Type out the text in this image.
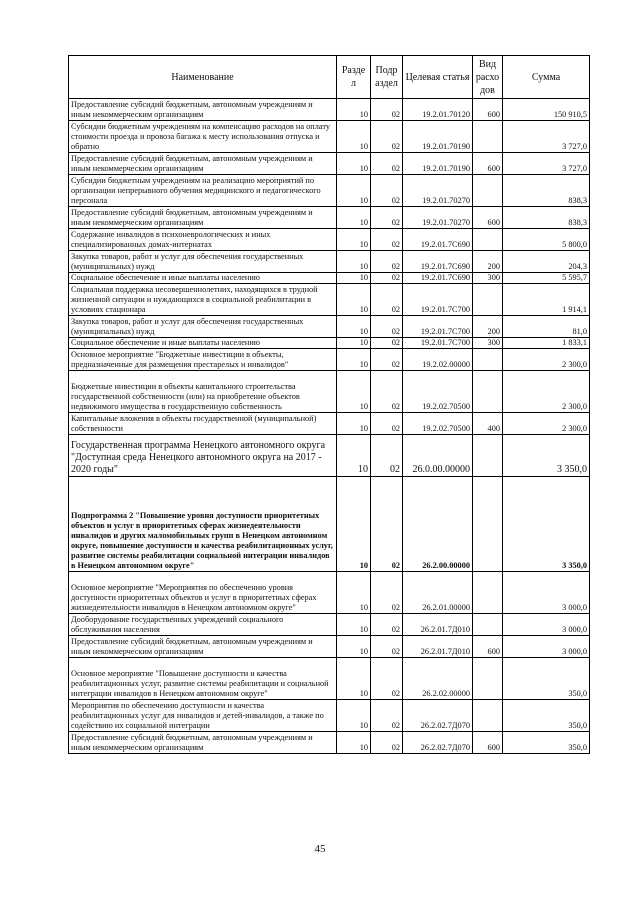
Наименование	Разде л	Подр аздел	Целевая статья	Вид расхо дов	Сумма
Предоставление субсидий бюджетным, автономным учреждениям и иным некоммерческим организациям	10	02	19.2.01.70120	600	150 910,5
Субсидии бюджетным учреждениям на компенсацию расходов на оплату стоимости проезда и провоза багажа к месту использования отпуска и обратно	10	02	19.2.01.70190		3 727,0
Предоставление субсидий бюджетным, автономным учреждениям и иным некоммерческим организациям	10	02	19.2.01.70190	600	3 727,0
Субсидии бюджетным учреждениям на реализацию мероприятий по организации непрерывного обучения медицинского и педагогического персонала	10	02	19.2.01.70270		838,3
Предоставление субсидий бюджетным, автономным учреждениям и иным некоммерческим организациям	10	02	19.2.01.70270	600	838,3
Содержание инвалидов в психоневрологических и иных специализированных домах-интернатах	10	02	19.2.01.7С690		5 800,0
Закупка товаров, работ и услуг для обеспечения государственных (муниципальных) нужд	10	02	19.2.01.7С690	200	204,3
Социальное обеспечение и иные выплаты населению	10	02	19.2.01.7С690	300	5 595,7
Социальная поддержка несовершеннолетних, находящихся в трудной жизненной ситуации и нуждающихся в социальной реабилитации в условиях стационара	10	02	19.2.01.7С700		1 914,1
Закупка товаров, работ и услуг для обеспечения государственных (муниципальных) нужд	10	02	19.2.01.7С700	200	81,0
Социальное обеспечение и иные выплаты населению	10	02	19.2.01.7С700	300	1 833,1
Основное мероприятие "Бюджетные инвестиции в объекты, предназначенные для размещения престарелых и инвалидов"	10	02	19.2.02.00000		2 300,0
Бюджетные инвестиции в объекты капитального строительства государственной собственности (или) на приобретение объектов недвижимого имущества в государственную собственность	10	02	19.2.02.70500		2 300,0
Капитальные вложения в объекты государственной (муниципальной) собственности	10	02	19.2.02.70500	400	2 300,0
Государственная программа Ненецкого автономного округа "Доступная среда Ненецкого автономного округа на 2017 - 2020 годы"	10	02	26.0.00.00000		3 350,0
Подпрограмма 2 "Повышение уровня доступности приоритетных объектов и услуг в приоритетных сферах жизнедеятельности инвалидов и других маломобильных групп в Ненецком автономном округе, повышение доступности и качества реабилитационных услуг, развитие системы реабилитации социальной интеграции инвалидов в Ненецком автономном округе"	10	02	26.2.00.00000		3 350,0
Основное мероприятие "Мероприятия по обеспечению уровня доступности приоритетных объектов и услуг в приоритетных сферах жизнедеятельности инвалидов в Ненецком автономном округе"	10	02	26.2.01.00000		3 000,0
Дооборудование государственных учреждений социального обслуживания населения	10	02	26.2.01.7Д010		3 000,0
Предоставление субсидий бюджетным, автономным учреждениям и иным некоммерческим организациям	10	02	26.2.01.7Д010	600	3 000,0
Основное мероприятие "Повышение доступности и качества реабилитационных услуг, развитие системы реабилитации и социальной интеграции инвалидов в Ненецком автономном округе"	10	02	26.2.02.00000		350,0
Мероприятия по обеспечению доступности и качества реабилитационных услуг для инвалидов и детей-инвалидов, а также по содействию их социальной интеграции	10	02	26.2.02.7Д070		350,0
Предоставление субсидий бюджетным, автономным учреждениям и иным некоммерческим организациям	10	02	26.2.02.7Д070	600	350,0
45
